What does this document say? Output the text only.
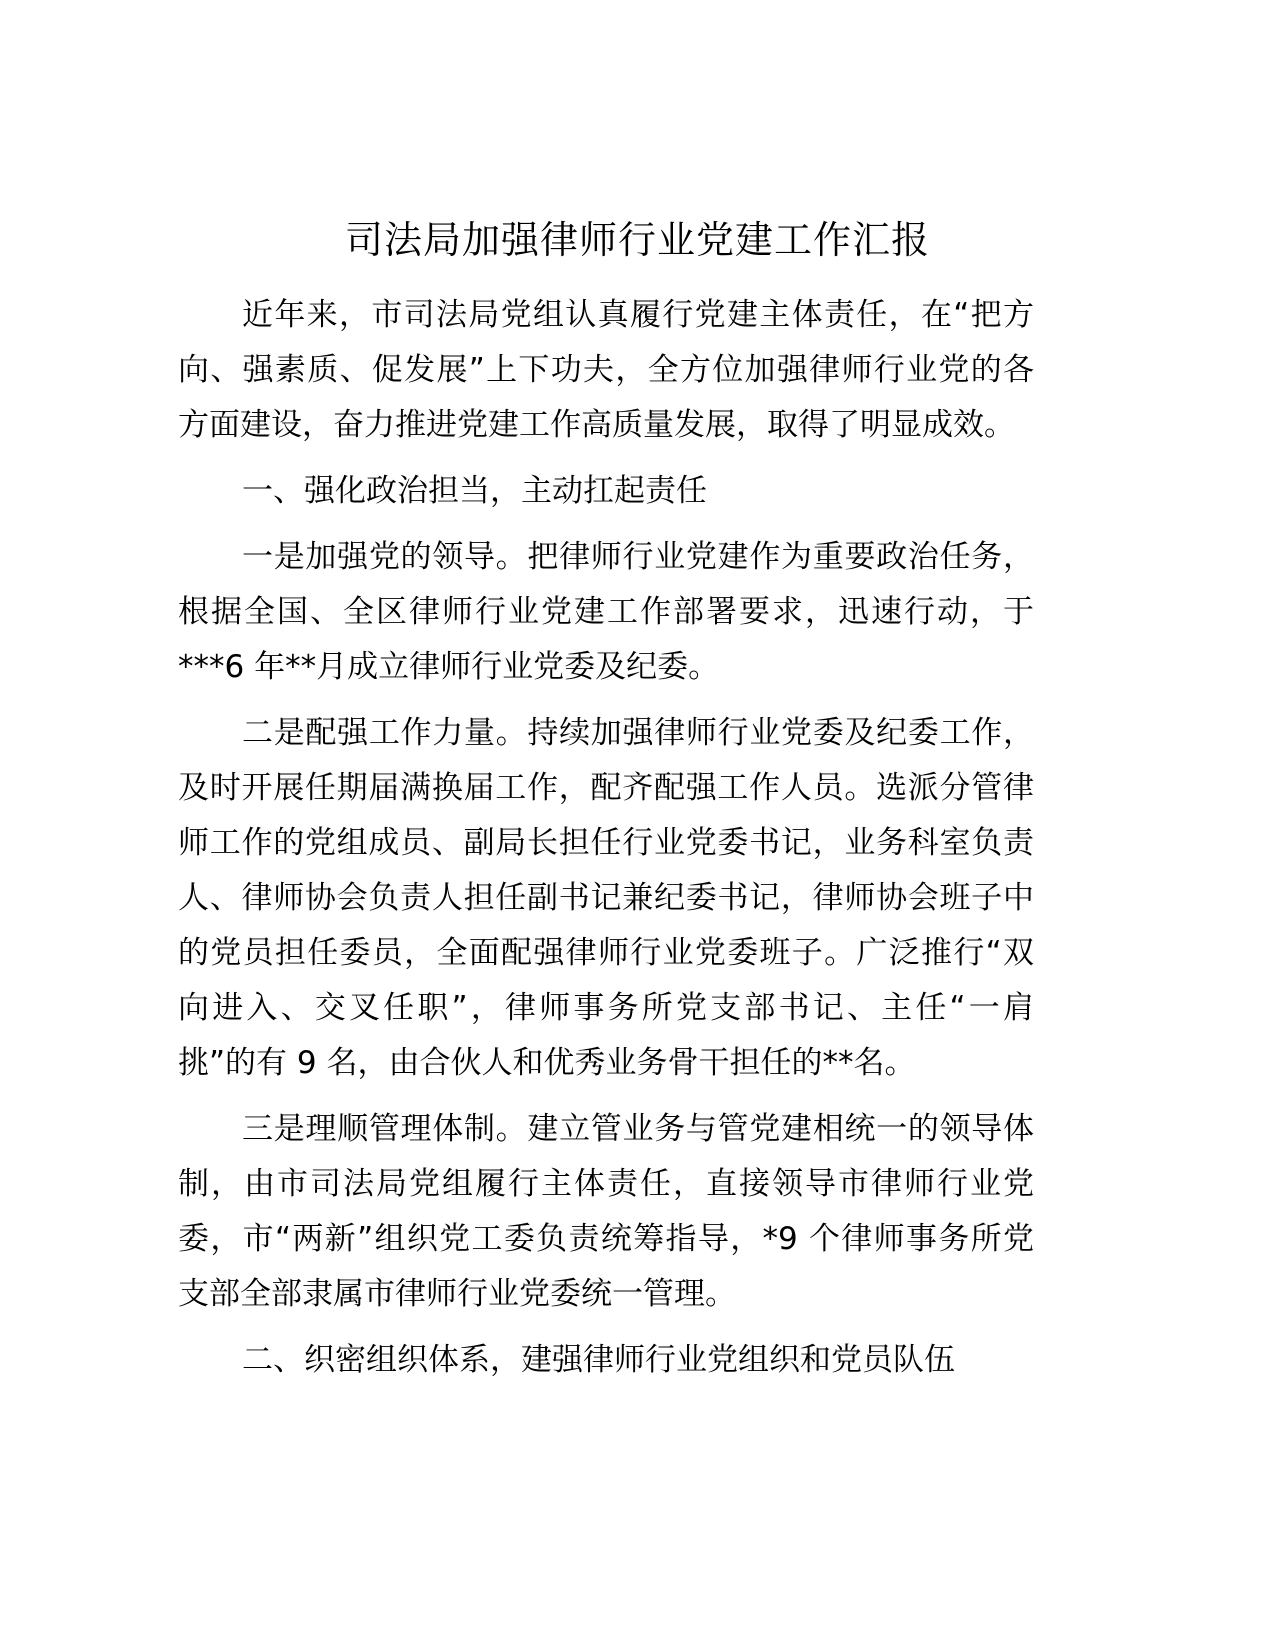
司法局加强律师行业党建工作汇报
近年来，市司法局党组认真履行党建主体责任，在“把方
向、强素质、促发展”上下功夫，全方位加强律师行业党的各
方面建设，奋力推进党建工作高质量发展，取得了明显成效。
一、强化政治担当，主动扛起责任
一是加强党的领导。把律师行业党建作为重要政治任务，
根据全国、全区律师行业党建工作部署要求，迅速行动，于
***6 年**月成立律师行业党委及纪委。
二是配强工作力量。持续加强律师行业党委及纪委工作，
及时开展任期届满换届工作，配齐配强工作人员。选派分管律
师工作的党组成员、副局长担任行业党委书记，业务科室负责
人、律师协会负责人担任副书记兼纪委书记，律师协会班子中
的党员担任委员，全面配强律师行业党委班子。广泛推行“双
向进入、交叉任职”，律师事务所党支部书记、主任“一肩
挑”的有 9 名，由合伙人和优秀业务骨干担任的**名。
三是理顺管理体制。建立管业务与管党建相统一的领导体
制，由市司法局党组履行主体责任，直接领导市律师行业党
委，市“两新”组织党工委负责统筹指导，*9 个律师事务所党
支部全部隶属市律师行业党委统一管理。
二、织密组织体系，建强律师行业党组织和党员队伍
